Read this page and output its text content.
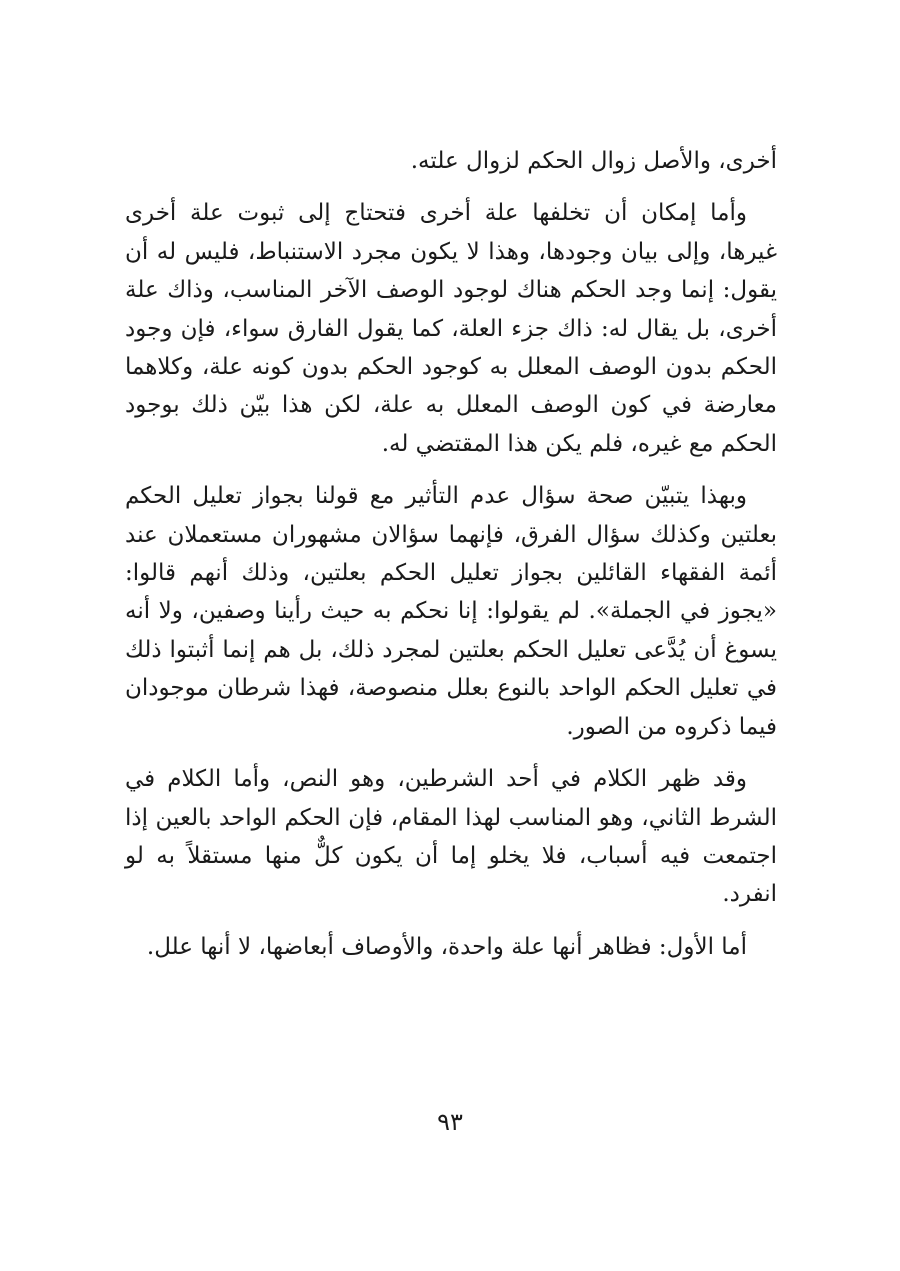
أخرى، والأصل زوال الحكم لزوال علته.

وأما إمكان أن تخلفها علة أخرى فتحتاج إلى ثبوت علة أخرى غيرها، وإلى بيان وجودها، وهذا لا يكون مجرد الاستنباط، فليس له أن يقول: إنما وجد الحكم هناك لوجود الوصف الآخر المناسب، وذاك علة أخرى، بل يقال له: ذاك جزء العلة، كما يقول الفارق سواء، فإن وجود الحكم بدون الوصف المعلل به كوجود الحكم بدون كونه علة، وكلاهما معارضة في كون الوصف المعلل به علة، لكن هذا بيّن ذلك بوجود الحكم مع غيره، فلم يكن هذا المقتضي له.

وبهذا يتبيّن صحة سؤال عدم التأثير مع قولنا بجواز تعليل الحكم بعلتين وكذلك سؤال الفرق، فإنهما سؤالان مشهوران مستعملان عند أئمة الفقهاء القائلين بجواز تعليل الحكم بعلتين، وذلك أنهم قالوا: «يجوز في الجملة». لم يقولوا: إنا نحكم به حيث رأينا وصفين، ولا أنه يسوغ أن يُدَّعى تعليل الحكم بعلتين لمجرد ذلك، بل هم إنما أثبتوا ذلك في تعليل الحكم الواحد بالنوع بعلل منصوصة، فهذا شرطان موجودان فيما ذكروه من الصور.

وقد ظهر الكلام في أحد الشرطين، وهو النص، وأما الكلام في الشرط الثاني، وهو المناسب لهذا المقام، فإن الحكم الواحد بالعين إذا اجتمعت فيه أسباب، فلا يخلو إما أن يكون كلٌّ منها مستقلاً به لو انفرد.

أما الأول: فظاهر أنها علة واحدة، والأوصاف أبعاضها، لا أنها علل.

٩٣
